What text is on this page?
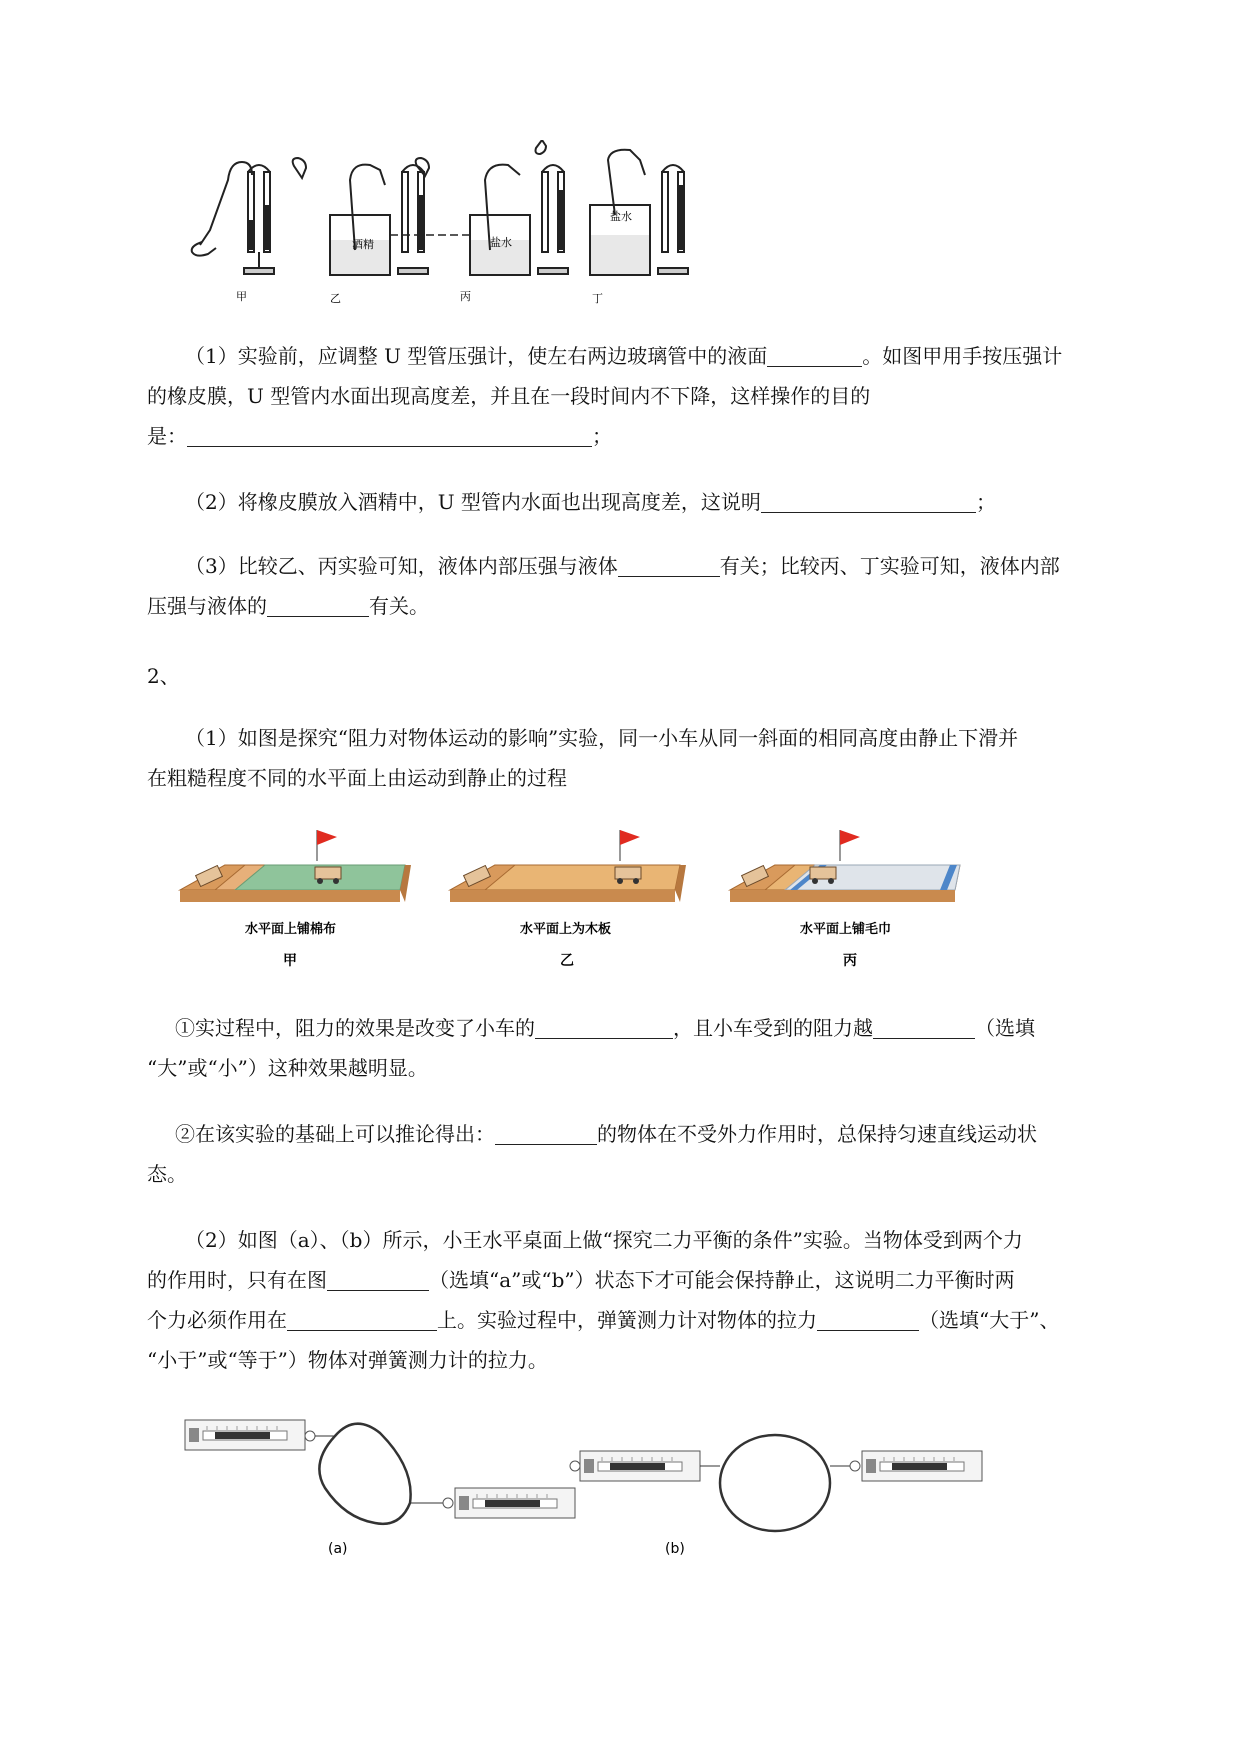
酒精	盐水
盐水
甲	乙	丙	丁

（1）实验前，应调整 U 型管压强计，使左右两边玻璃管中的液面	。如图甲用手按压强计
的橡皮膜，U 型管内水面出现高度差，并且在一段时间内不下降，这样操作的目的
是：	；

（2）将橡皮膜放入酒精中，U 型管内水面也出现高度差，这说明	；

（3）比较乙、丙实验可知，液体内部压强与液体	有关；比较丙、丁实验可知，液体内部
压强与液体的	有关。

2、

（1）如图是探究“阻力对物体运动的影响”实验，同一小车从同一斜面的相同高度由静止下滑并
在粗糙程度不同的水平面上由运动到静止的过程

水平面上铺棉布	水平面上为木板	水平面上铺毛巾
甲	乙	丙

①实过程中，阻力的效果是改变了小车的	，且小车受到的阻力越	（选填
“大”或“小”）这种效果越明显。

②在该实验的基础上可以推论得出：	的物体在不受外力作用时，总保持匀速直线运动状
态。

（2）如图（a）、（b）所示，小王水平桌面上做“探究二力平衡的条件”实验。当物体受到两个力
的作用时，只有在图	（选填“a”或“b”）状态下才可能会保持静止，这说明二力平衡时两
个力必须作用在	上。实验过程中，弹簧测力计对物体的拉力	（选填“大于”、
“小于”或“等于”）物体对弹簧测力计的拉力。

(a)	(b)
